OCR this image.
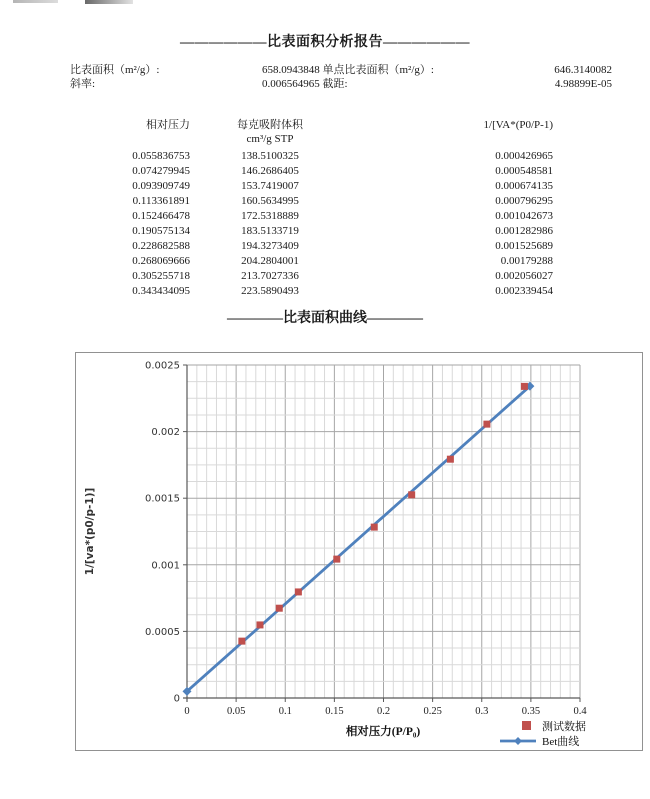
——————比表面积分析报告——————
比表面积（m²/g）:	658.0943848 单点比表面积（m²/g）:	646.3140082
斜率:	0.006564965 截距:	4.98899E-05
相对压力	每克吸附体积	1/[VA*(P0/P-1)
cm³/g STP
0.055836753	138.5100325	0.000426965
0.074279945	146.2686405	0.000548581
0.093909749	153.7419007	0.000674135
0.113361891	160.5634995	0.000796295
0.152466478	172.5318889	0.001042673
0.190575134	183.5133719	0.001282986
0.228682588	194.3273409	0.001525689
0.268069666	204.2804001	0.00179288
0.305255718	213.7027336	0.002056027
0.343434095	223.5890493	0.002339454
————比表面积曲线————
0	0.05	0.1	0.15	0.2	0.25	0.3	0.35	0.4
0
0.0005
0.001
0.0015
0.002
0.0025
相对压力(P/P₀)
1/[va*(p0/p-1)]
测试数据
Bet曲线
